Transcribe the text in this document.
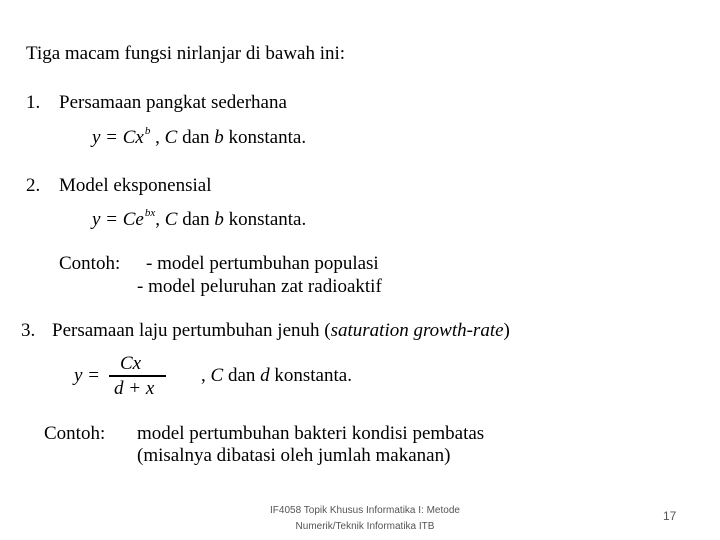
Tiga macam fungsi nirlanjar di bawah ini:
1. Persamaan pangkat sederhana
$y = Cx^b$ , C dan b konstanta.
2. Model eksponensial
$y = Ce^{bx}$, C dan b konstanta.
Contoh: - model pertumbuhan populasi
- model peluruhan zat radioaktif
3. Persamaan laju pertumbuhan jenuh (saturation growth-rate)
y =
Cx
d + x
, C dan d konstanta.
Contoh: model pertumbuhan bakteri kondisi pembatas
(misalnya dibatasi oleh jumlah makanan)
IF4058 Topik Khusus Informatika I: Metode
Numerik/Teknik Informatika ITB
17
